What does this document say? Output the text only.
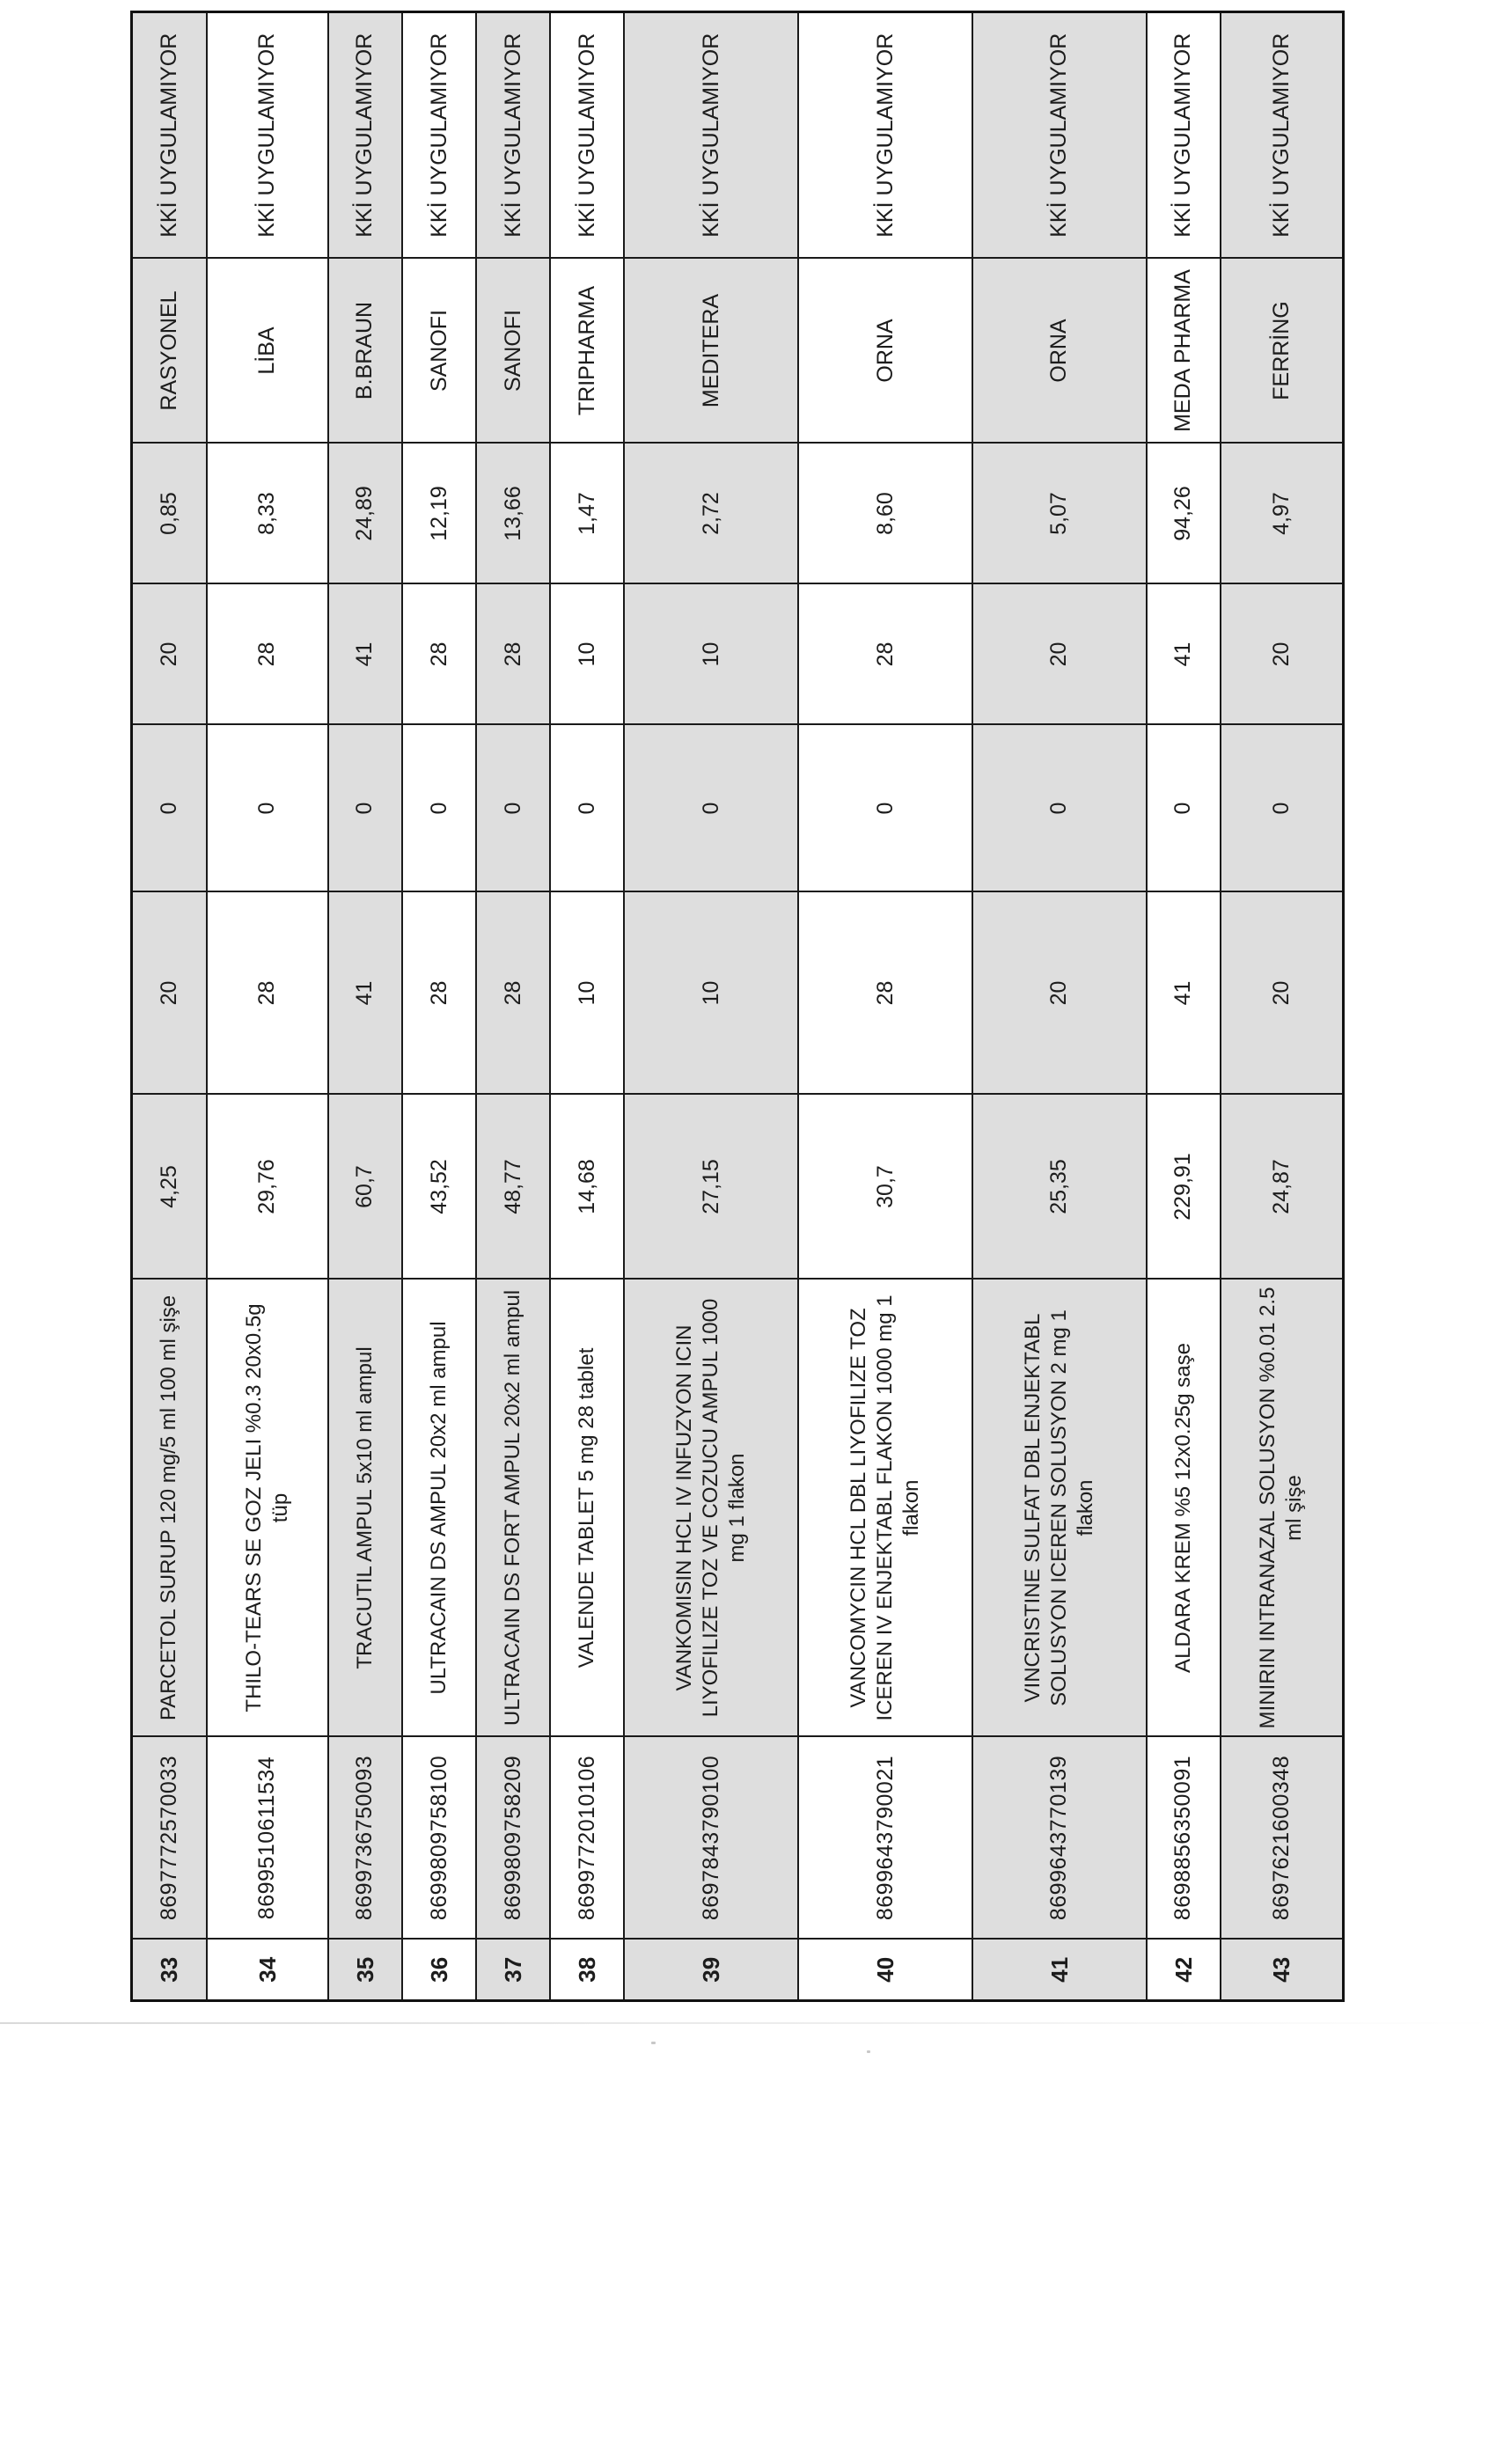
33	8697772570033	PARCETOL SURUP 120 mg/5 ml 100 ml şişe	4,25	20	0	20	0,85	RASYONEL	KKİ UYGULAMIYOR
34	8699510611534	THILO-TEARS SE GOZ JELI %0.3 20x0.5g tüp	29,76	28	0	28	8,33	LİBA	KKİ UYGULAMIYOR
35	8699736750093	TRACUTIL AMPUL 5x10 ml ampul	60,7	41	0	41	24,89	B.BRAUN	KKİ UYGULAMIYOR
36	8699809758100	ULTRACAIN DS AMPUL 20x2 ml ampul	43,52	28	0	28	12,19	SANOFI	KKİ UYGULAMIYOR
37	8699809758209	ULTRACAIN DS FORT AMPUL 20x2 ml ampul	48,77	28	0	28	13,66	SANOFI	KKİ UYGULAMIYOR
38	8699772010106	VALENDE TABLET 5 mg 28 tablet	14,68	10	0	10	1,47	TRIPHARMA	KKİ UYGULAMIYOR
39	8697843790100	VANKOMISIN HCL IV INFUZYON ICIN LIYOFILIZE TOZ VE COZUCU AMPUL 1000 mg 1 flakon	27,15	10	0	10	2,72	MEDITERA	KKİ UYGULAMIYOR
40	8699643790021	VANCOMYCIN HCL DBL LIYOFILIZE TOZ ICEREN IV ENJEKTABL FLAKON 1000 mg 1 flakon	30,7	28	0	28	8,60	ORNA	KKİ UYGULAMIYOR
41	8699643770139	VINCRISTINE SULFAT DBL ENJEKTABL SOLUSYON ICEREN SOLUSYON 2 mg 1 flakon	25,35	20	0	20	5,07	ORNA	KKİ UYGULAMIYOR
42	8698856350091	ALDARA KREM %5 12x0.25g saşe	229,91	41	0	41	94,26	MEDA PHARMA	KKİ UYGULAMIYOR
43	8697621600348	MINIRIN INTRANAZAL SOLUSYON %0.01 2.5 ml şişe	24,87	20	0	20	4,97	FERRİNG	KKİ UYGULAMIYOR
